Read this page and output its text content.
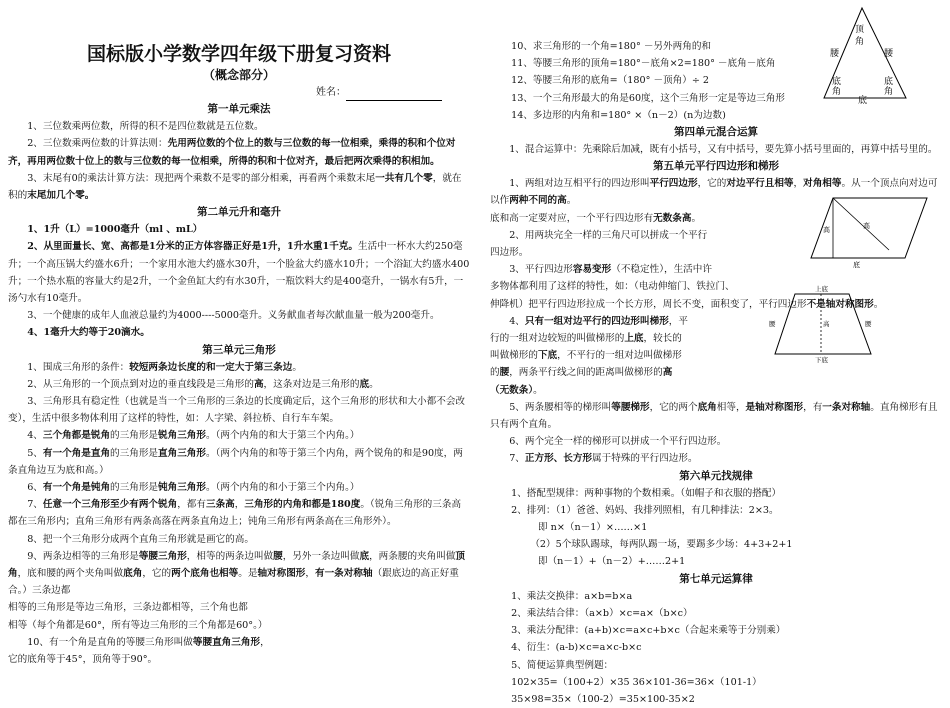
国标版小学数学四年级下册复习资料
（概念部分）
姓名：
第一单元乘法

1、三位数乘两位数，所得的积不是四位数就是五位数。

2、三位数乘两位数的计算法则：先用两位数的个位上的数与三位数的每一位相乘，乘得的积和个位对齐，再用两位数十位上的数与三位数的每一位相乘，所得的积和十位对齐，最后把两次乘得的积相加。

3、末尾有0的乘法计算方法：现把两个乘数不是零的部分相乘，再看两个乘数末尾一共有几个零，就在积的末尾加几个零。

第二单元升和毫升

1、1升（L）=1000毫升（ml 、mL）

2、从里面量长、宽、高都是1分米的正方体容器正好是1升，1升水重1千克。生活中一杯水大约250毫升；一个高压锅大约盛水6升；一个家用水池大约盛水30升，一个脸盆大约盛水10升；一个浴缸大约盛水400升；一个热水瓶的容量大约是2升，一个金鱼缸大约有水30升，一瓶饮料大约是400毫升，一锅水有5升，一汤勺水有10毫升。

3、一个健康的成年人血液总量约为4000----5000毫升。义务献血者每次献血量一般为200毫升。

4、1毫升大约等于20滴水。

第三单元三角形

1、围成三角形的条件：较短两条边长度的和一定大于第三条边。

2、从三角形的一个顶点到对边的垂直线段是三角形的高，这条对边是三角形的底。

3、三角形具有稳定性（也就是当一个三角形的三条边的长度确定后，这个三角形的形状和大小都不会改变），生活中很多物体利用了这样的特性，如：人字梁、斜拉桥、自行车车架。

4、三个角都是锐角的三角形是锐角三角形。（两个内角的和大于第三个内角。）

5、有一个角是直角的三角形是直角三角形。（两个内角的和等于第三个内角，两个锐角的和是90度，两条直角边互为底和高。）

6、有一个角是钝角的三角形是钝角三角形。（两个内角的和小于第三个内角。）

7、任意一个三角形至少有两个锐角，都有三条高，三角形的内角和都是180度。（锐角三角形的三条高都在三角形内；直角三角形有两条高落在两条直角边上；钝角三角形有两条高在三角形外）。

8、把一个三角形分成两个直角三角形就是画它的高。

9、两条边相等的三角形是等腰三角形，相等的两条边叫做腰，另外一条边叫做底，两条腰的夹角叫做顶角，底和腰的两个夹角叫做底角，它的两个底角也相等。是轴对称图形，有一条对称轴（跟底边的高正好重合。）三条边都

相等的三角形是等边三角形，三条边都相等，三个角也都

相等（每个角都是60°，所有等边三角形的三个角都是60°。）

10、有一个角是直角的等腰三角形叫做等腰直角三角形，

它的底角等于45°，顶角等于90°。

10、求三角形的一个角=180° －另外两角的和

11、等腰三角形的顶角=180°－底角×2=180° －底角－底角

12、等腰三角形的底角=（180° －顶角）÷ 2

13、一个三角形最大的角是60度，这个三角形一定是等边三角形

14、多边形的内角和=180° ×（n－2）(n为边数)

第四单元混合运算

1、混合运算中：先乘除后加减，既有小括号，又有中括号，要先算小括号里面的，再算中括号里的。

第五单元平行四边形和梯形

1、两组对边互相平行的四边形叫平行四边形，它的对边平行且相等，对角相等。从一个顶点向对边可以作两种不同的高。

底和高一定要对应，一个平行四边形有无数条高。

2、用两块完全一样的三角尺可以拼成一个平行

四边形。

3、平行四边形容易变形（不稳定性），生活中许

多物体都利用了这样的特性，如：（电动伸缩门、铁拉门、

伸降机）把平行四边形拉成一个长方形，周长不变，面积变了，平行四边形不是轴对称图形。

4、只有一组对边平行的四边形叫梯形，平

行的一组对边较短的叫做梯形的上底，较长的

叫做梯形的下底，不平行的一组对边叫做梯形

的腰，两条平行线之间的距离叫做梯形的高

（无数条）。

5、两条腰相等的梯形叫等腰梯形，它的两个底角相等，是轴对称图形，有一条对称轴。直角梯形有且只有两个直角。

6、两个完全一样的梯形可以拼成一个平行四边形。

7、正方形、长方形属于特殊的平行四边形。

第六单元找规律

1、搭配型规律：两种事物的个数相乘。（如帽子和衣服的搭配）

2、排列：（1）爸爸、妈妈、我排列照相，有几种排法：2×3。

即 n×（n－1）×……×1

（2）5个球队踢球，每两队踢一场，要踢多少场：4+3+2+1

即（n－1）+（n－2）+……2+1

第七单元运算律

1、乘法交换律：a×b=b×a

2、乘法结合律：（a×b）×c=a×（b×c）

3、乘法分配律：(a+b)×c=a×c+b×c（合起来乘等于分别乘）

4、衍生：(a-b)×c=a×c-b×c

5、简便运算典型例题：

102×35=（100+2）×35 36×101-36=36×（101-1）

35×98=35×（100-2）=35×100-35×2

顶
角
腰	腰
底
角
底
角
底
高	高
底
上底
腰	腰
高
下底
